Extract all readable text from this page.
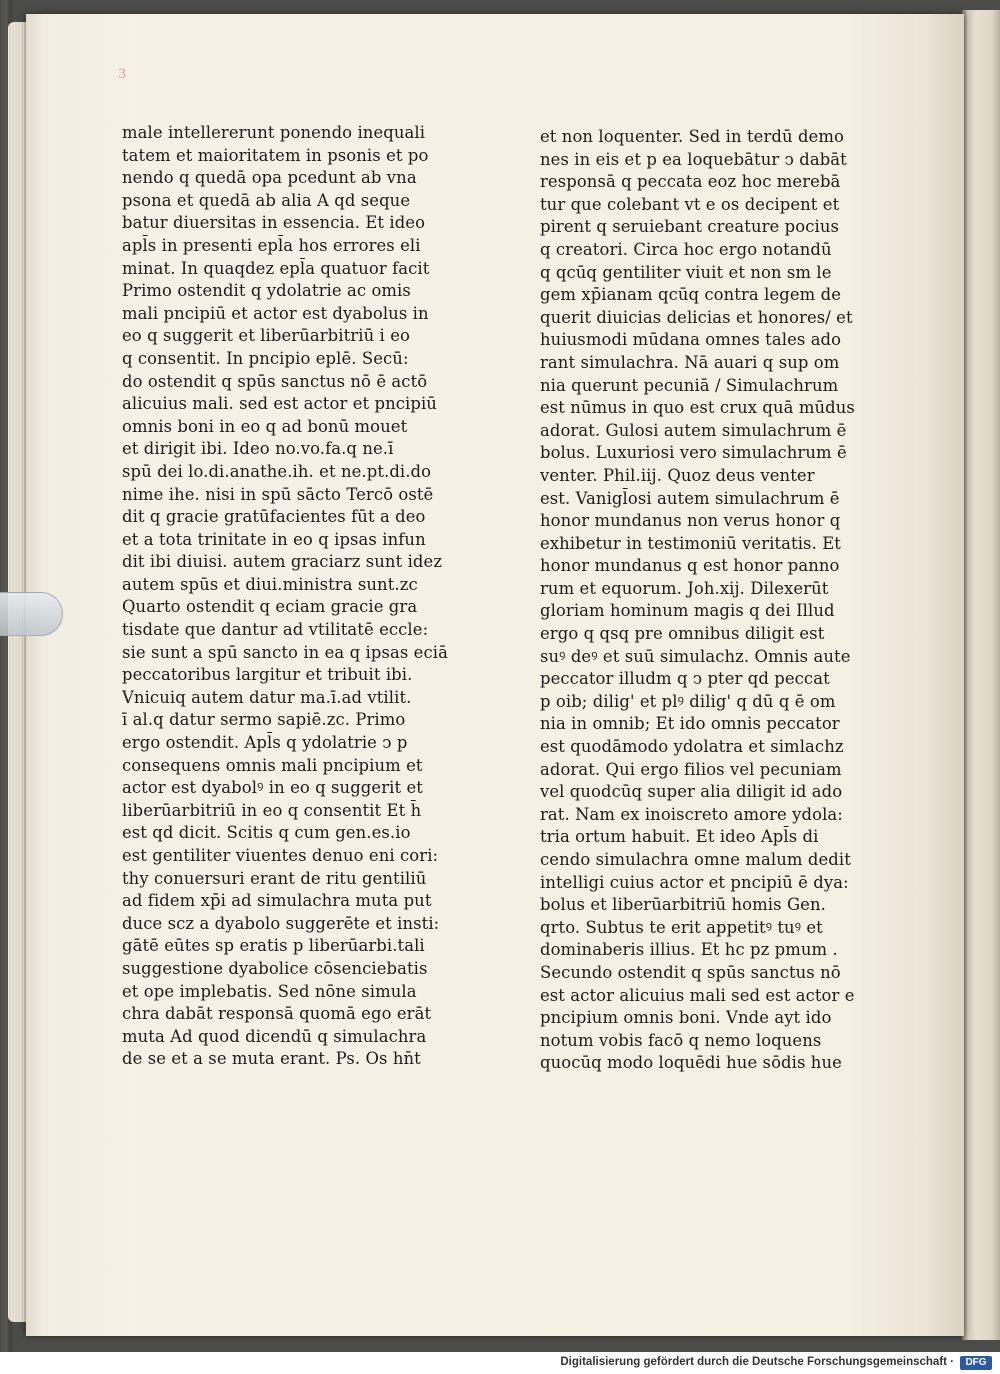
3
male intellererunt ponendo inequali
tatem et maioritatem in psonis et po
nendo q quedā opa pcedunt ab vna
psona et quedā ab alia A qd seque
batur diuersitas in essencia. Et ideo
apl̄s in presenti epl̄a hos errores eli
minat. In quaqdez epl̄a quatuor facit
Primo ostendit q ydolatrie ac omis
mali pncipiū et actor est dyabolus in
eo q suggerit et liberūarbitriū i eo
q consentit. In pncipio eplē. Secū:
do ostendit q spūs sanctus nō ē actō
alicuius mali. sed est actor et pncipiū
omnis boni in eo q ad bonū mouet
et dirigit ibi. Ideo no.vo.fa.q ne.ī
spū dei lo.di.anathe.ih. et ne.pt.di.do
nime ihe. nisi in spū sācto Tercō ostē
dit q gracie gratūfacientes fūt a deo
et a tota trinitate in eo q ipsas infun
dit ibi diuisi. autem graciarz sunt idez
autem spūs et diui.ministra sunt.zc
Quarto ostendit q eciam gracie gra
tisdate que dantur ad vtilitatē eccle:
sie sunt a spū sancto in ea q ipsas eciā
peccatoribus largitur et tribuit ibi.
Vnicuiq autem datur ma.ī.ad vtilit.
ī al.q datur sermo sapiē.zc. Primo
ergo ostendit. Apl̄s q ydolatrie ↄ p
consequens omnis mali pncipium et
actor est dyabolꝰ in eo q suggerit et
liberūarbitriū in eo q consentit Et h̄
est qd dicit. Scitis q cum gen.es.io
est gentiliter viuentes denuo eni cori:
thy conuersuri erant de ritu gentiliū
ad fidem xp̄i ad simulachra muta put
duce scz a dyabolo suggerēte et insti:
gātē eūtes sp eratis p liberūarbi.tali
suggestione dyabolice cōsenciebatis
et ope implebatis. Sed nōne simula
chra dabāt responsā quomā ego erāt
muta Ad quod dicendū q simulachra
de se et a se muta erant. Ps. Os hn̄t
et non loquenter. Sed in terdū demo
nes in eis et p ea loquebātur ↄ dabāt
responsā q peccata eoz hoc merebā
tur que colebant vt e os decipent et
pirent q seruiebant creature pocius
q creatori. Circa hoc ergo notandū
q qcūq gentiliter viuit et non sm le
gem xp̄ianam qcūq contra legem de
querit diuicias delicias et honores/ et
huiusmodi mūdana omnes tales ado
rant simulachra. Nā auari q sup om
nia querunt pecuniā / Simulachrum
est nūmus in quo est crux quā mūdus
adorat. Gulosi autem simulachrum ē
bolus. Luxuriosi vero simulachrum ē
venter. Phil.iij. Quoz deus venter
est. Vanigl̄osi autem simulachrum ē
honor mundanus non verus honor q
exhibetur in testimoniū veritatis. Et
honor mundanus q est honor panno
rum et equorum. Joh.xij. Dilexerūt
gloriam hominum magis q dei Illud
ergo q qsq pre omnibus diligit est
suꝰ deꝰ et suū simulachz. Omnis aute
peccator illudm q ↄ pter qd peccat
p oib; dilig' et plꝰ dilig' q dū q ē om
nia in omnib; Et ido omnis peccator
est quodāmodo ydolatra et simlachz
adorat. Qui ergo filios vel pecuniam
vel quodcūq super alia diligit id ado
rat. Nam ex inoiscreto amore ydola:
tria ortum habuit. Et ideo Apl̄s di
cendo simulachra omne malum dedit
intelligi cuius actor et pncipiū ē dya:
bolus et liberūarbitriū homis Gen.
qrto. Subtus te erit appetitꝰ tuꝰ et
dominaberis illius. Et hc pz pmum .
Secundo ostendit q spūs sanctus nō
est actor alicuius mali sed est actor e
pncipium omnis boni. Vnde ayt ido
notum vobis facō q nemo loquens
quocūq modo loquēdi hue sōdis hue
Digitalisierung gefördert durch die Deutsche Forschungsgemeinschaft ·	DFG
